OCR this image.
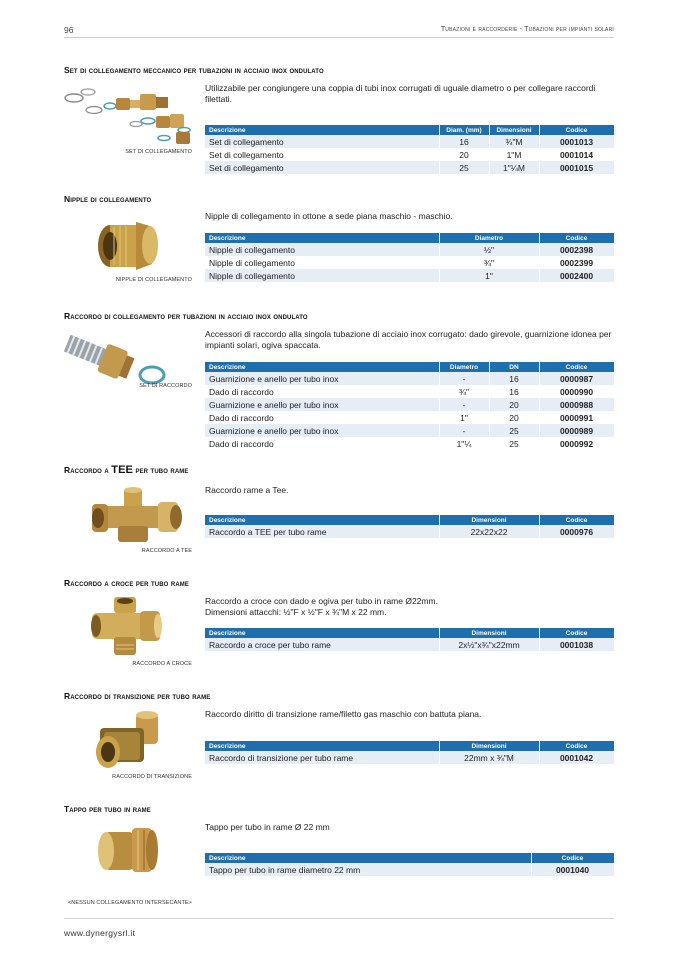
96	Tubazioni e raccorderie - Tubazioni per impianti solari
Set di collegamento meccanico per tubazioni in acciaio inox ondulato
SET DI COLLEGAMENTO
Utilizzabile per congiungere una coppia di tubi inox corrugati di uguale diametro o per collegare raccordi filettati.
Descrizione	Diam. (mm)	Dimensioni	Codice
Set di collegamento	16	¾"M	0001013
Set di collegamento	20	1"M	0001014
Set di collegamento	25	1"¼M	0001015
Nipple di collegamento
NIPPLE DI COLLEGAMENTO
Nipple di collegamento in ottone a sede piana maschio - maschio.
Descrizione	Diametro	Codice
Nipple di collegamento	½"	0002398
Nipple di collegamento	¾"	0002399
Nipple di collegamento	1"	0002400
Raccordo di collegamento per tubazioni in acciaio inox ondulato
SET DI RACCORDO
Accessori di raccordo alla singola tubazione di acciaio inox corrugato: dado girevole, guarnizione idonea per impianti solari, ogiva spaccata.
Descrizione	Diametro	DN	Codice
Guarnizione e anello per tubo inox	-	16	0000987
Dado di raccordo	¾"	16	0000990
Guarnizione e anello per tubo inox	-	20	0000988
Dado di raccordo	1"	20	0000991
Guarnizione e anello per tubo inox	-	25	0000989
Dado di raccordo	1"¼	25	0000992
Raccordo a TEE per tubo rame
RACCORDO A TEE
Raccordo rame a Tee.
Descrizione	Dimensioni	Codice
Raccordo a TEE per tubo rame	22x22x22	0000976
Raccordo a croce per tubo rame
RACCORDO A CROCE
Raccordo a croce con dado e ogiva per tubo in rame Ø22mm.
Dimensioni attacchi: ½"F x ½"F x ¾"M x 22 mm.
Descrizione	Dimensioni	Codice
Raccordo a croce per tubo rame	2x½"x¾"x22mm	0001038
Raccordo di transizione per tubo rame
RACCORDO DI TRANSIZIONE
Raccordo diritto di transizione rame/filetto gas maschio con battuta piana.
Descrizione	Dimensioni	Codice
Raccordo di transizione per tubo rame	22mm x ¾"M	0001042
Tappo per tubo in rame
<NESSUN COLLEGAMENTO INTERSECANTE>
Tappo per tubo in rame Ø 22 mm
Descrizione	Codice
Tappo per tubo in rame diametro 22 mm	0001040
www.dynergysrl.it
